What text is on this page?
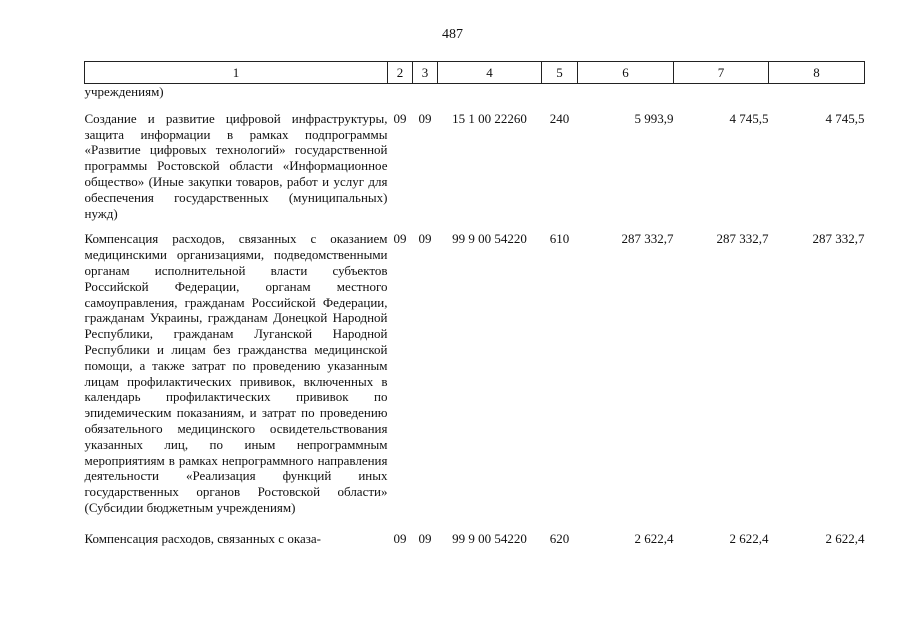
487
1	2	3	4	5	6	7	8
учреждениям)							
Создание и развитие цифровой инфраструктуры, защита информации в рамках подпрограммы «Развитие цифровых технологий» государственной программы Ростовской области «Информационное общество» (Иные закупки товаров, работ и услуг для обеспечения государственных (муниципальных) нужд)	09	09	15 1 00 22260	240	5 993,9	4 745,5	4 745,5
Компенсация расходов, связанных с оказанием медицинскими организациями, подведомственными органам исполнительной власти субъектов Российской Федерации, органам местного самоуправления, гражданам Российской Федерации, гражданам Украины, гражданам Донецкой Народной Республики, гражданам Луганской Народной Республики и лицам без гражданства медицинской помощи, а также затрат по проведению указанным лицам профилактических прививок, включенных в календарь профилактических прививок по эпидемическим показаниям, и затрат по проведению обязательного медицинского освидетельствования указанных лиц, по иным непрограммным мероприятиям в рамках непрограммного направления деятельности «Реализация функций иных государственных органов Ростовской области» (Субсидии бюджетным учреждениям)	09	09	99 9 00 54220	610	287 332,7	287 332,7	287 332,7
Компенсация расходов, связанных с оказа-	09	09	99 9 00 54220	620	2 622,4	2 622,4	2 622,4
